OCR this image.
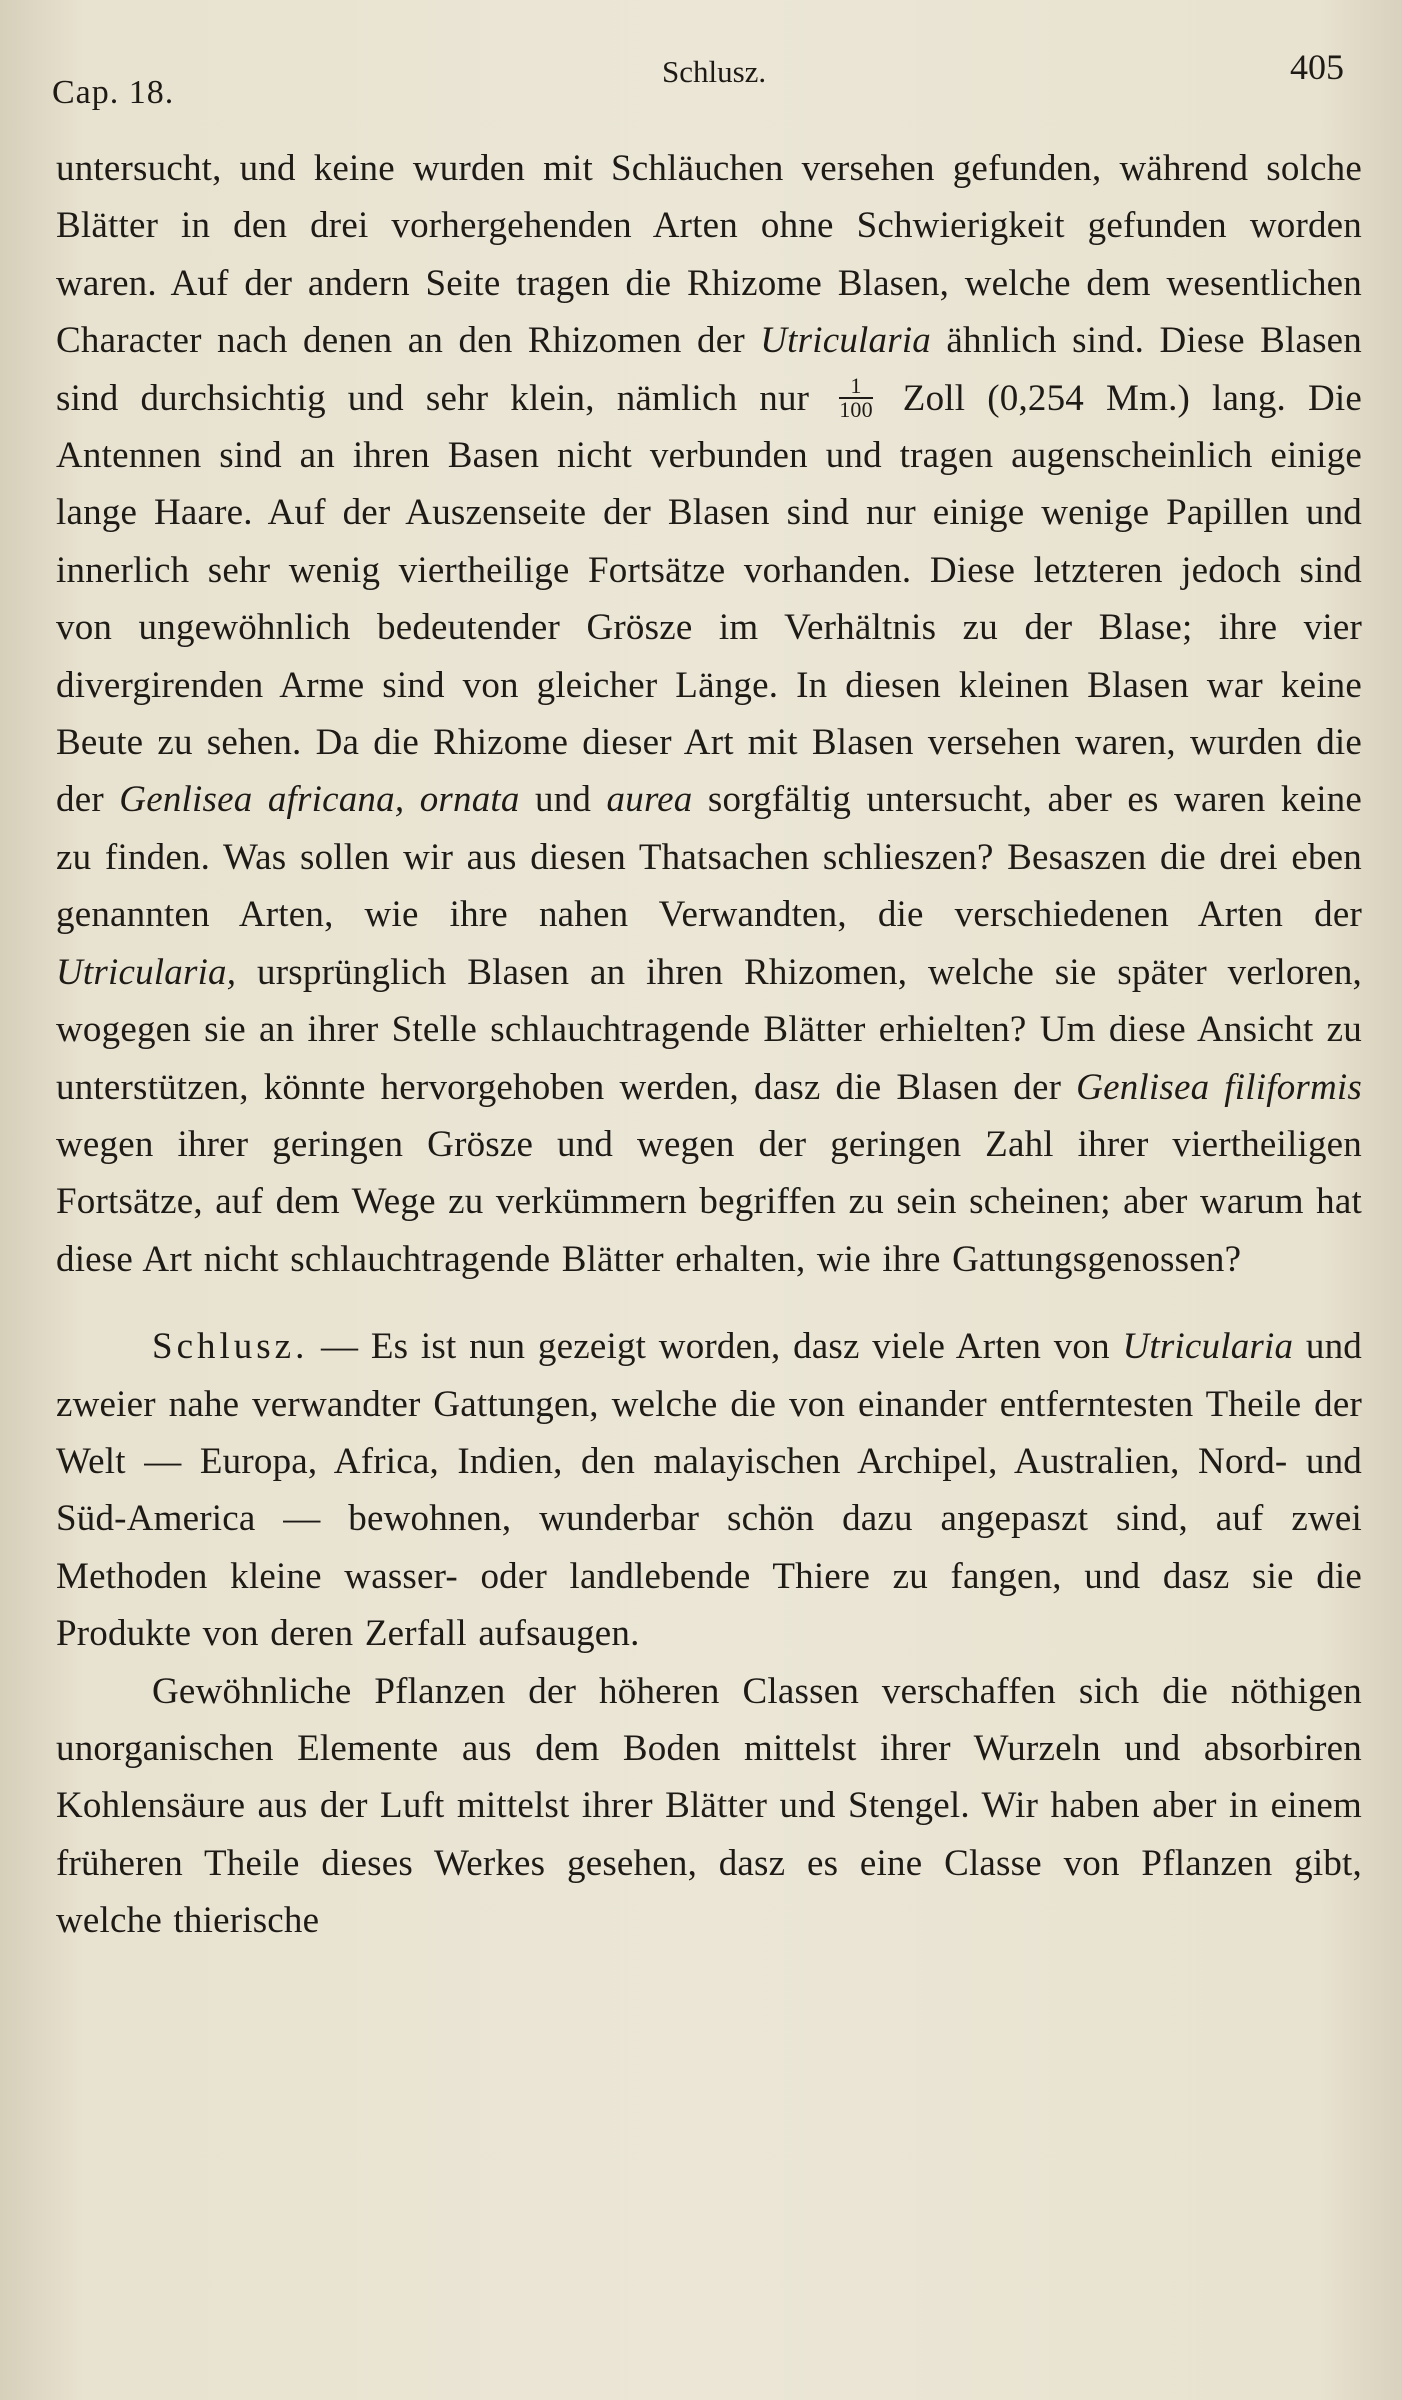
Cap. 18.
Schlusz.	405

untersucht, und keine wurden mit Schläuchen versehen gefunden, während solche Blätter in den drei vorhergehenden Arten ohne Schwierigkeit gefunden worden waren. Auf der andern Seite tragen die Rhizome Blasen, welche dem wesentlichen Character nach denen an den Rhizomen der Utricularia ähnlich sind. Diese Blasen sind durchsichtig und sehr klein, nämlich nur $\frac{1}{100}$ Zoll (0,254 Mm.) lang. Die Antennen sind an ihren Basen nicht verbunden und tragen augenscheinlich einige lange Haare. Auf der Auszenseite der Blasen sind nur einige wenige Papillen und innerlich sehr wenig viertheilige Fortsätze vorhanden. Diese letzteren jedoch sind von ungewöhnlich bedeutender Grösze im Verhältnis zu der Blase; ihre vier divergirenden Arme sind von gleicher Länge. In diesen kleinen Blasen war keine Beute zu sehen. Da die Rhizome dieser Art mit Blasen versehen waren, wurden die der Genlisea africana, ornata und aurea sorgfältig untersucht, aber es waren keine zu finden. Was sollen wir aus diesen Thatsachen schlieszen? Besaszen die drei eben genannten Arten, wie ihre nahen Verwandten, die verschiedenen Arten der Utricularia, ursprünglich Blasen an ihren Rhizomen, welche sie später verloren, wogegen sie an ihrer Stelle schlauchtragende Blätter erhielten? Um diese Ansicht zu unterstützen, könnte hervorgehoben werden, dasz die Blasen der Genlisea filiformis wegen ihrer geringen Grösze und wegen der geringen Zahl ihrer viertheiligen Fortsätze, auf dem Wege zu verkümmern begriffen zu sein scheinen; aber warum hat diese Art nicht schlauchtragende Blätter erhalten, wie ihre Gattungsgenossen?

Schlusz. — Es ist nun gezeigt worden, dasz viele Arten von Utricularia und zweier nahe verwandter Gattungen, welche die von einander entferntesten Theile der Welt — Europa, Africa, Indien, den malayischen Archipel, Australien, Nord- und Süd-America — bewohnen, wunderbar schön dazu angepaszt sind, auf zwei Methoden kleine wasser- oder landlebende Thiere zu fangen, und dasz sie die Produkte von deren Zerfall aufsaugen.

Gewöhnliche Pflanzen der höheren Classen verschaffen sich die nöthigen unorganischen Elemente aus dem Boden mittelst ihrer Wurzeln und absorbiren Kohlensäure aus der Luft mittelst ihrer Blätter und Stengel. Wir haben aber in einem früheren Theile dieses Werkes gesehen, dasz es eine Classe von Pflanzen gibt, welche thierische
